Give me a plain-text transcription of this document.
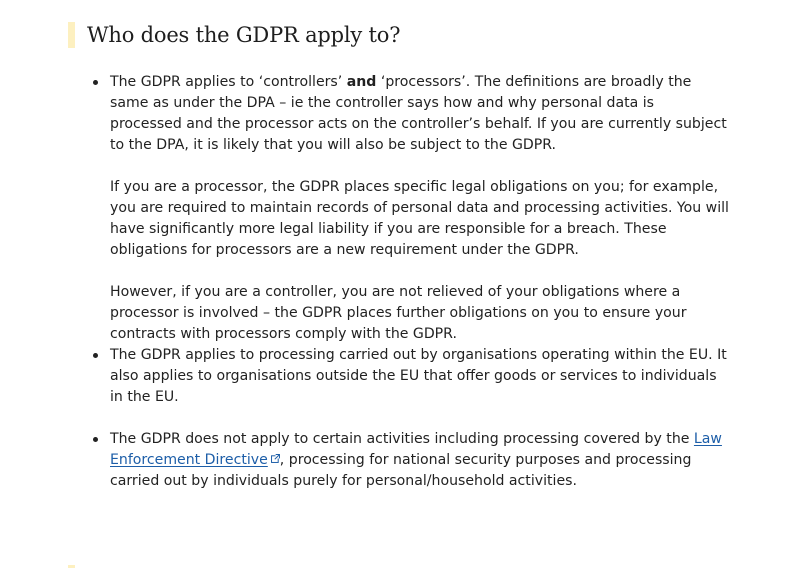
Who does the GDPR apply to?

The GDPR applies to ‘controllers’ and ‘processors’. The definitions are broadly the same as under the DPA – ie the controller says how and why personal data is processed and the processor acts on the controller’s behalf. If you are currently subject to the DPA, it is likely that you will also be subject to the GDPR.

If you are a processor, the GDPR places specific legal obligations on you; for example, you are required to maintain records of personal data and processing activities. You will have significantly more legal liability if you are responsible for a breach. These obligations for processors are a new requirement under the GDPR.

However, if you are a controller, you are not relieved of your obligations where a processor is involved – the GDPR places further obligations on you to ensure your contracts with processors comply with the GDPR.

The GDPR applies to processing carried out by organisations operating within the EU. It also applies to organisations outside the EU that offer goods or services to individuals in the EU.

The GDPR does not apply to certain activities including processing covered by the Law Enforcement Directive , processing for national security purposes and processing carried out by individuals purely for personal/household activities.
